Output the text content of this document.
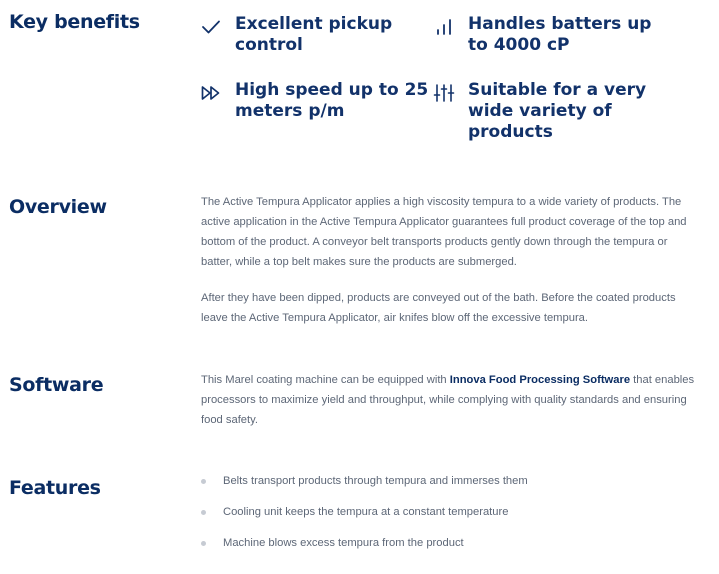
Key benefits	Excellent pickup control
Handles batters up to 4000 cP
High speed up to 25 meters p/m
Suitable for a very wide variety of products
Overview	The Active Tempura Applicator applies a high viscosity tempura to a wide variety of products. The active application in the Active Tempura Applicator guarantees full product coverage of the top and bottom of the product. A conveyor belt transports products gently down through the tempura or batter, while a top belt makes sure the products are submerged.

After they have been dipped, products are conveyed out of the bath. Before the coated products leave the Active Tempura Applicator, air knifes blow off the excessive tempura.

Software	This Marel coating machine can be equipped with Innova Food Processing Software that enables processors to maximize yield and throughput, while complying with quality standards and ensuring food safety.

Features	Belts transport products through tempura and immerses them
Cooling unit keeps the tempura at a constant temperature
Machine blows excess tempura from the product
